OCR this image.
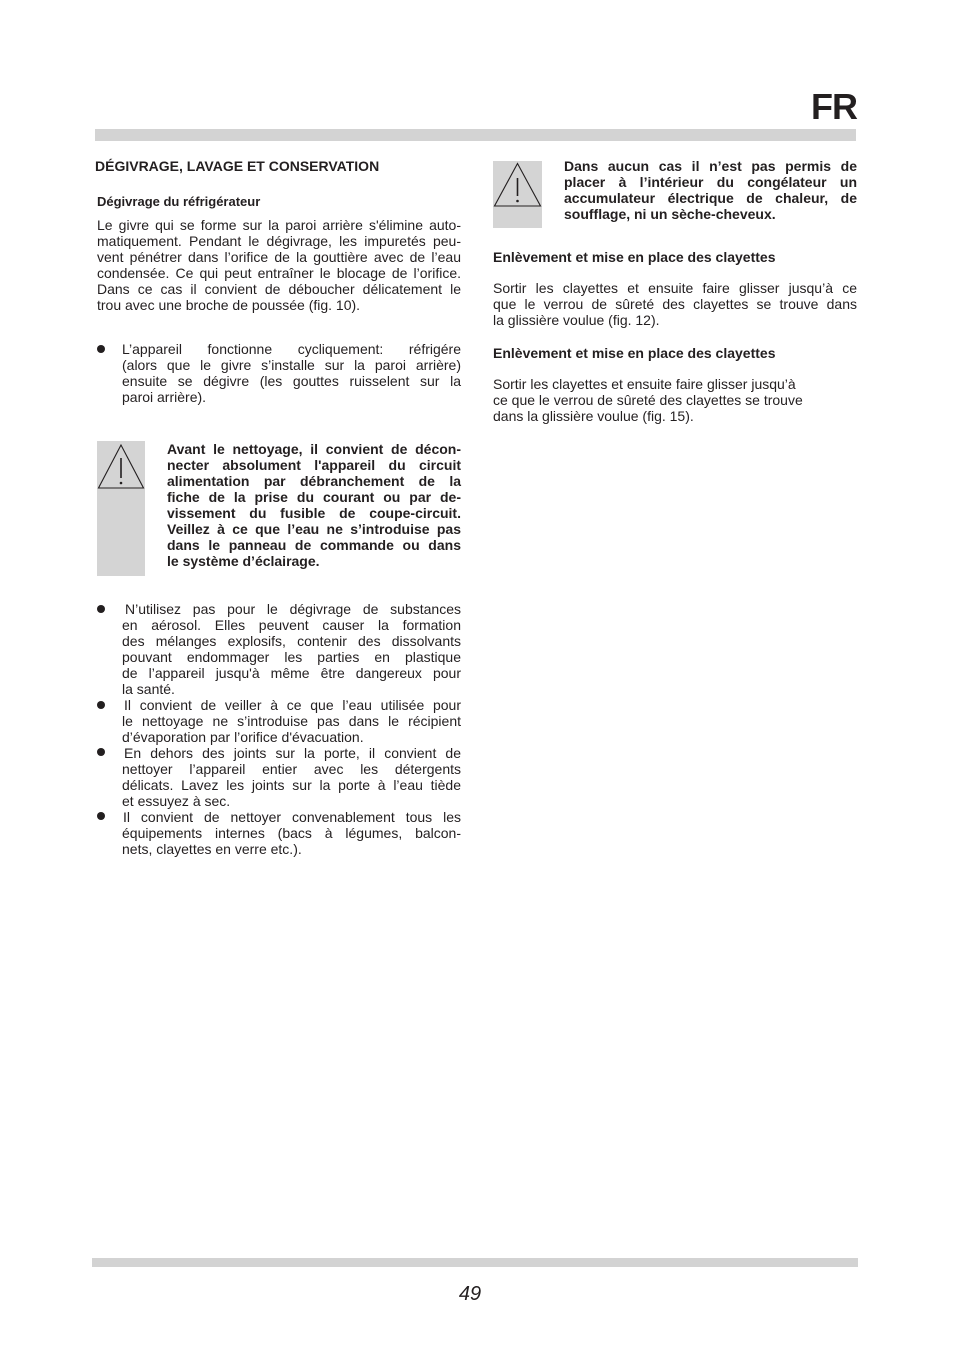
FR
DÉGIVRAGE, LAVAGE ET CONSERVATION
Dégivrage du réfrigérateur
Le givre qui se forme sur la paroi arrière s'élimine auto-
matiquement. Pendant le dégivrage, les impuretés peu-
vent pénétrer dans l’orifice de la gouttière avec de l’eau
condensée. Ce qui peut entraîner le blocage de l’orifice.
Dans ce cas il convient de déboucher délicatement le
trou avec une broche de poussée (fig. 10).
L’appareil fonctionne cycliquement: réfrigére
(alors que le givre s’installe sur la paroi arrière)
ensuite se dégivre (les gouttes ruisselent sur la
paroi arrière).
Avant le nettoyage, il convient de décon-
necter absolument l'appareil du circuit
alimentation par débranchement de la
fiche de la prise du courant ou par de-
vissement du fusible de coupe-circuit.
Veillez à ce que l’eau ne s’introduise pas
dans le panneau de commande ou dans
le système d’éclairage.
N’utilisez pas pour le dégivrage de substances
en aérosol. Elles peuvent causer la formation
des mélanges explosifs, contenir des dissolvants
pouvant endommager les parties en plastique
de l’appareil jusqu'à même être dangereux pour
la santé.
Il convient de veiller à ce que l’eau utilisée pour
le nettoyage ne s’introduise pas dans le récipient
d’évaporation par l’orifice d'évacuation.
En dehors des joints sur la porte, il convient de
nettoyer l’appareil entier avec les détergents
délicats. Lavez les joints sur la porte à l’eau tiède
et essuyez à sec.
Il convient de nettoyer convenablement tous les
équipements internes (bacs à légumes, balcon-
nets, clayettes en verre etc.).
Dans aucun cas il n’est pas permis de
placer à l’intérieur du congélateur un
accumulateur électrique de chaleur, de
soufflage, ni un sèche-cheveux.
Enlèvement et mise en place des clayettes
Sortir les clayettes et ensuite faire glisser jusqu’à ce
que le verrou de sûreté des clayettes se trouve dans
la glissière voulue (fig. 12).
Enlèvement et mise en place des clayettes
Sortir les clayettes et ensuite faire glisser jusqu’à
ce que le verrou de sûreté des clayettes se trouve
dans la glissière voulue (fig. 15).
49
